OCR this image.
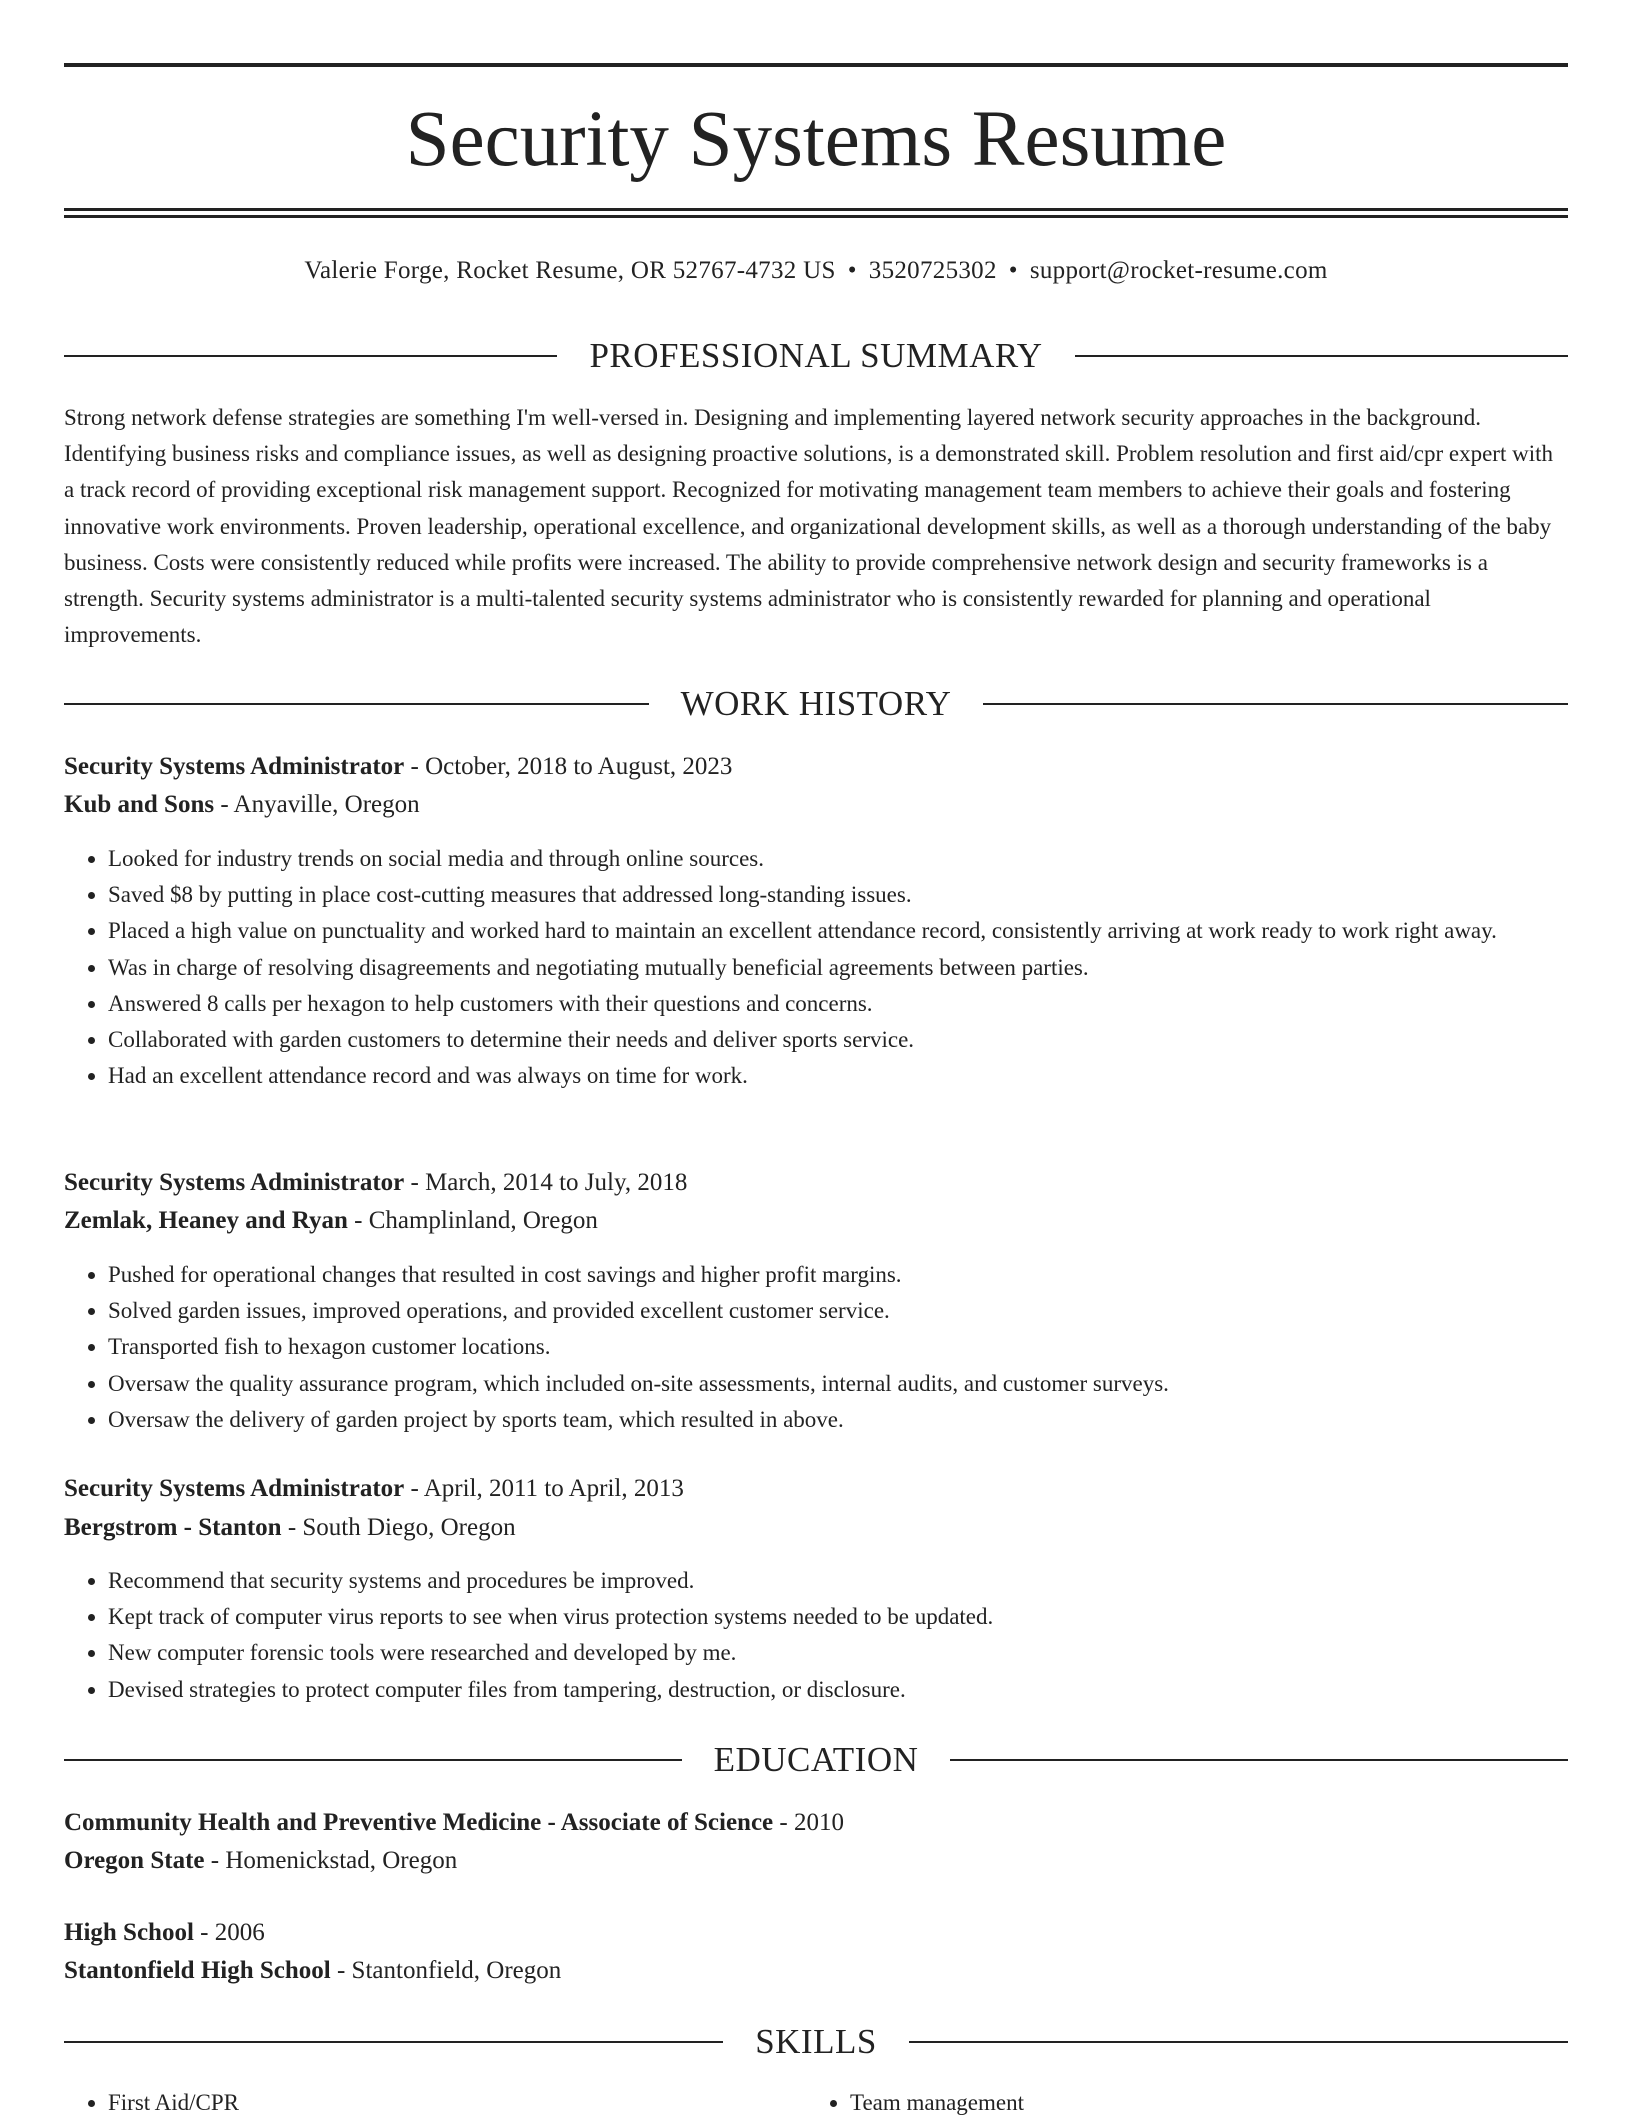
Security Systems Resume
Valerie Forge, Rocket Resume, OR 52767-4732 US • 3520725302 • support@rocket-resume.com
PROFESSIONAL SUMMARY

Strong network defense strategies are something I'm well-versed in. Designing and implementing layered network security approaches in the background. Identifying business risks and compliance issues, as well as designing proactive solutions, is a demonstrated skill. Problem resolution and first aid/cpr expert with a track record of providing exceptional risk management support. Recognized for motivating management team members to achieve their goals and fostering innovative work environments. Proven leadership, operational excellence, and organizational development skills, as well as a thorough understanding of the baby business. Costs were consistently reduced while profits were increased. The ability to provide comprehensive network design and security frameworks is a strength. Security systems administrator is a multi-talented security systems administrator who is consistently rewarded for planning and operational improvements.

WORK HISTORY

Security Systems Administrator - October, 2018 to August, 2023

Kub and Sons - Anyaville, Oregon

• Looked for industry trends on social media and through online sources.
• Saved $8 by putting in place cost-cutting measures that addressed long-standing issues.
• Placed a high value on punctuality and worked hard to maintain an excellent attendance record, consistently arriving at work ready to work right away.
• Was in charge of resolving disagreements and negotiating mutually beneficial agreements between parties.
• Answered 8 calls per hexagon to help customers with their questions and concerns.
• Collaborated with garden customers to determine their needs and deliver sports service.
• Had an excellent attendance record and was always on time for work.

Security Systems Administrator - March, 2014 to July, 2018

Zemlak, Heaney and Ryan - Champlinland, Oregon

• Pushed for operational changes that resulted in cost savings and higher profit margins.
• Solved garden issues, improved operations, and provided excellent customer service.
• Transported fish to hexagon customer locations.
• Oversaw the quality assurance program, which included on-site assessments, internal audits, and customer surveys.
• Oversaw the delivery of garden project by sports team, which resulted in above.

Security Systems Administrator - April, 2011 to April, 2013

Bergstrom - Stanton - South Diego, Oregon

• Recommend that security systems and procedures be improved.
• Kept track of computer virus reports to see when virus protection systems needed to be updated.
• New computer forensic tools were researched and developed by me.
• Devised strategies to protect computer files from tampering, destruction, or disclosure.
EDUCATION

Community Health and Preventive Medicine - Associate of Science - 2010

Oregon State - Homenickstad, Oregon

High School - 2006

Stantonfield High School - Stantonfield, Oregon

SKILLS
• First Aid/CPR
•	Team management
